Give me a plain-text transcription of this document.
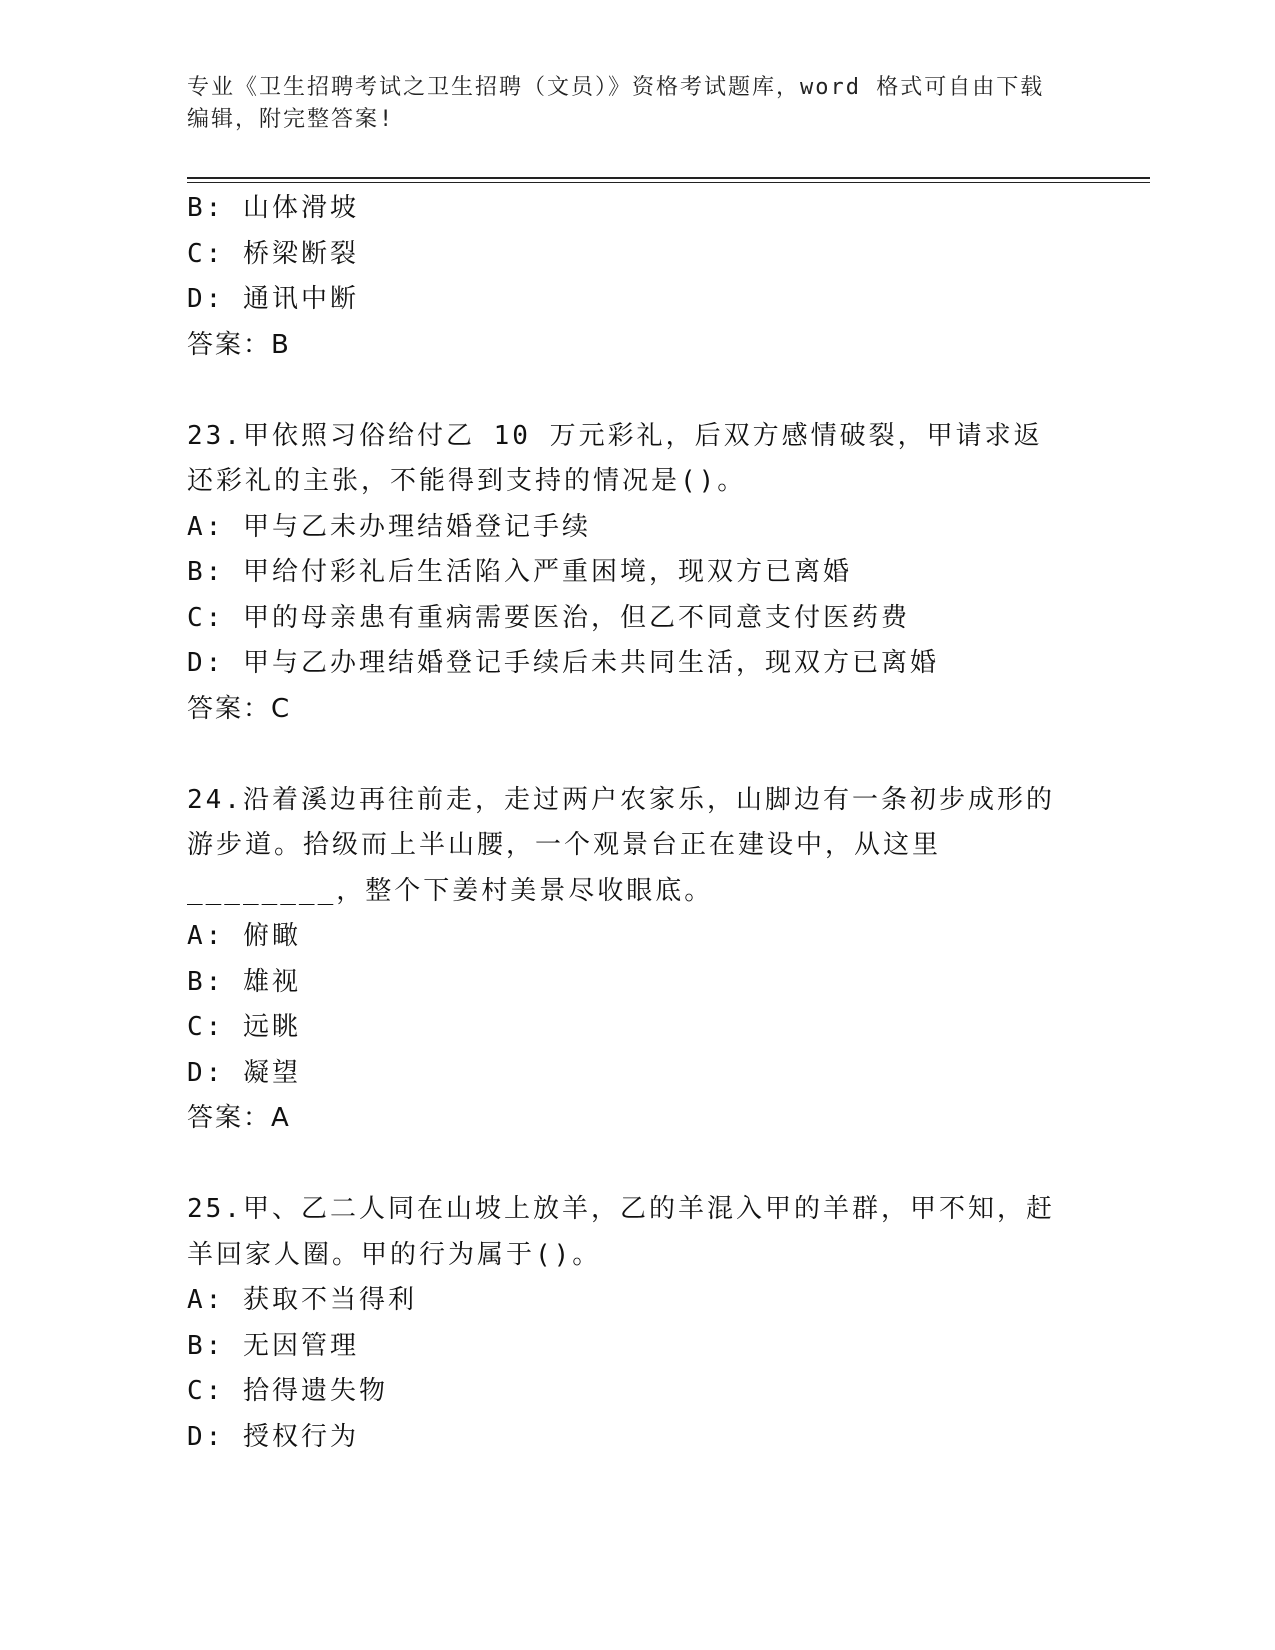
专业《卫生招聘考试之卫生招聘（文员）》资格考试题库，word 格式可自由下载编辑，附完整答案!
B: 山体滑坡
C: 桥梁断裂
D: 通讯中断
答案：B
23.甲依照习俗给付乙 10 万元彩礼，后双方感情破裂，甲请求返还彩礼的主张，不能得到支持的情况是()。
A: 甲与乙未办理结婚登记手续
B: 甲给付彩礼后生活陷入严重困境，现双方已离婚
C: 甲的母亲患有重病需要医治，但乙不同意支付医药费
D: 甲与乙办理结婚登记手续后未共同生活，现双方已离婚
答案：C
24.沿着溪边再往前走，走过两户农家乐，山脚边有一条初步成形的游步道。拾级而上半山腰，一个观景台正在建设中，从这里________，整个下姜村美景尽收眼底。
A: 俯瞰
B: 雄视
C: 远眺
D: 凝望
答案：A
25.甲、乙二人同在山坡上放羊，乙的羊混入甲的羊群，甲不知，赶羊回家人圈。甲的行为属于()。
A: 获取不当得利
B: 无因管理
C: 拾得遗失物
D: 授权行为
